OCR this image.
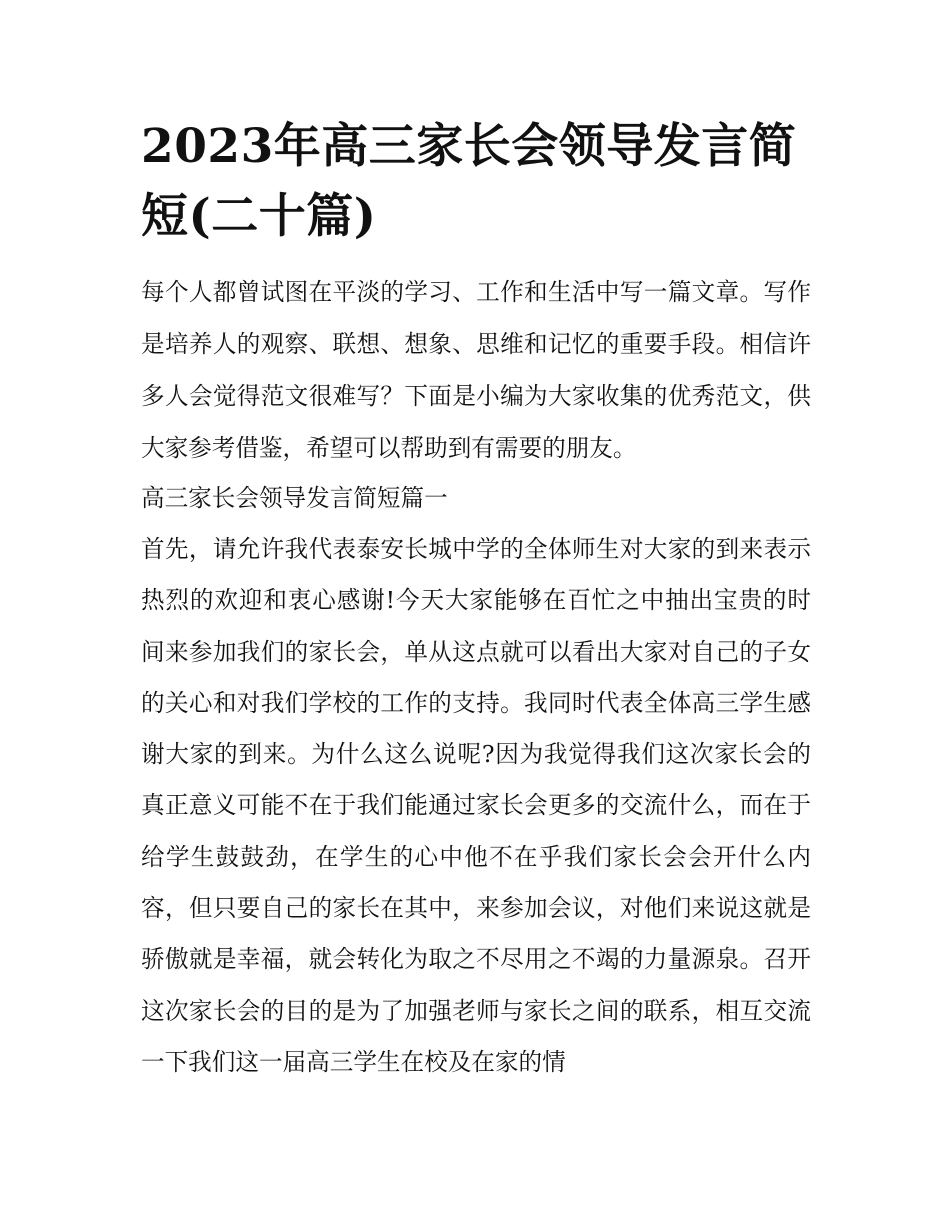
2023年高三家长会领导发言简短(二十篇)
每个人都曾试图在平淡的学习、工作和生活中写一篇文章。写作是培养人的观察、联想、想象、思维和记忆的重要手段。相信许多人会觉得范文很难写？下面是小编为大家收集的优秀范文，供大家参考借鉴，希望可以帮助到有需要的朋友。
高三家长会领导发言简短篇一
首先，请允许我代表泰安长城中学的全体师生对大家的到来表示热烈的欢迎和衷心感谢!今天大家能够在百忙之中抽出宝贵的时间来参加我们的家长会，单从这点就可以看出大家对自己的子女的关心和对我们学校的工作的支持。我同时代表全体高三学生感谢大家的到来。为什么这么说呢?因为我觉得我们这次家长会的真正意义可能不在于我们能通过家长会更多的交流什么，而在于给学生鼓鼓劲，在学生的心中他不在乎我们家长会会开什么内容，但只要自己的家长在其中，来参加会议，对他们来说这就是骄傲就是幸福，就会转化为取之不尽用之不竭的力量源泉。召开这次家长会的目的是为了加强老师与家长之间的联系，相互交流一下我们这一届高三学生在校及在家的情
